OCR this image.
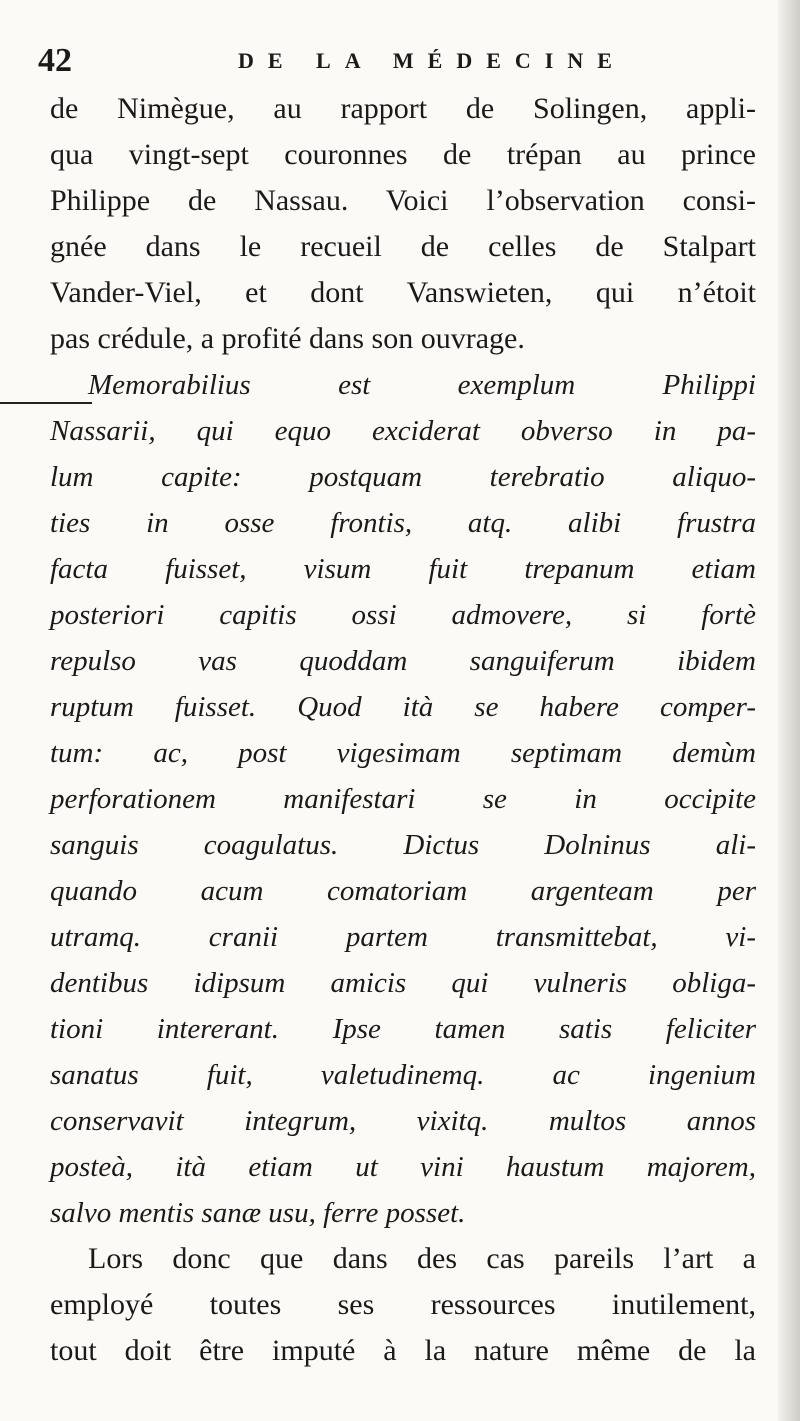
42	DE LA MÉDECINE
de Nimègue, au rapport de Solingen, appli-
qua vingt-sept couronnes de trépan au prince
Philippe de Nassau. Voici l’observation consi-
gnée dans le recueil de celles de Stalpart
Vander-Viel, et dont Vanswieten, qui n’étoit
pas crédule, a profité dans son ouvrage.
Memorabilius est exemplum Philippi
Nassarii, qui equo exciderat obverso in pa-
lum capite: postquam terebratio aliquo-
ties in osse frontis, atq. alibi frustra
facta fuisset, visum fuit trepanum etiam
posteriori capitis ossi admovere, si fortè
repulso vas quoddam sanguiferum ibidem
ruptum fuisset. Quod ità se habere comper-
tum: ac, post vigesimam septimam demùm
perforationem manifestari se in occipite
sanguis coagulatus. Dictus Dolninus ali-
quando acum comatoriam argenteam per
utramq. cranii partem transmittebat, vi-
dentibus idipsum amicis qui vulneris obliga-
tioni intererant. Ipse tamen satis feliciter
sanatus fuit, valetudinemq. ac ingenium
conservavit integrum, vixitq. multos annos
posteà, ità etiam ut vini haustum majorem,
salvo mentis sanæ usu, ferre posset.
Lors donc que dans des cas pareils l’art a
employé toutes ses ressources inutilement,
tout doit être imputé à la nature même de la
